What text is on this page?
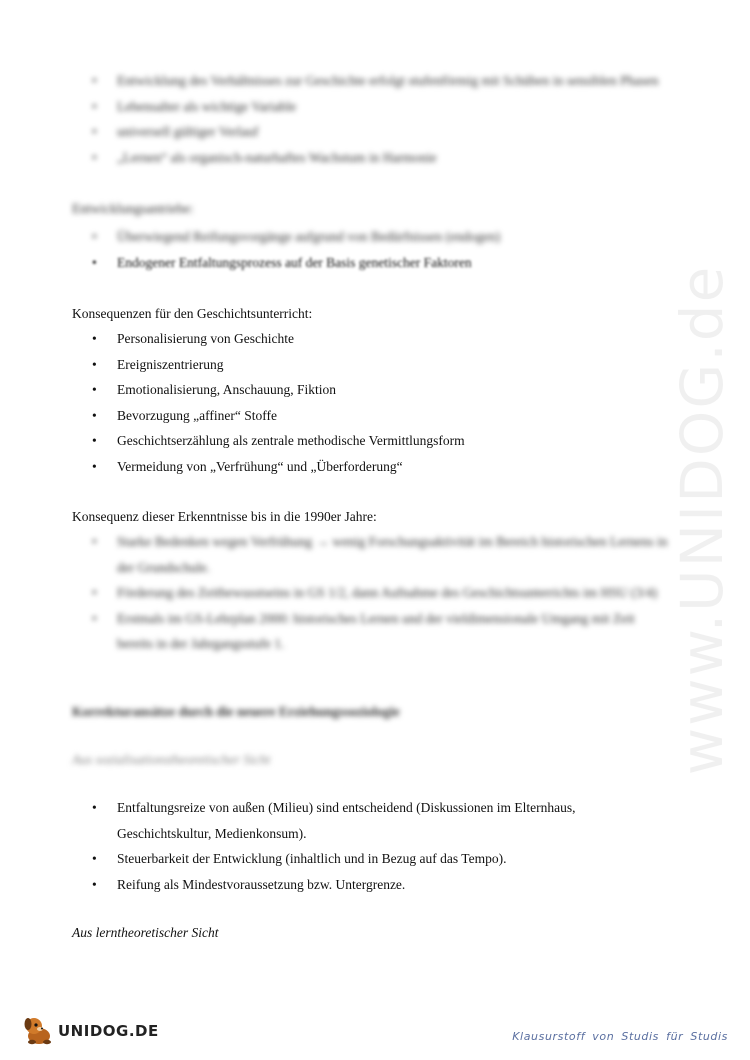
• Entwicklung des Verhältnisses zur Geschichte erfolgt stufenförmig mit Schüben in sensiblen Phasen
• Lebensalter als wichtige Variable
• universell gültiger Verlauf
• „Lernen“ als organisch-naturhaftes Wachstum in Harmonie
Entwicklungsantriebe:
• Überwiegend Reifungsvorgänge aufgrund von Bedürfnissen (endogen)
• Endogener Entfaltungsprozess auf der Basis genetischer Faktoren
Konsequenzen für den Geschichtsunterricht:
• Personalisierung von Geschichte
• Ereigniszentrierung
• Emotionalisierung, Anschauung, Fiktion
• Bevorzugung „affiner“ Stoffe
• Geschichtserzählung als zentrale methodische Vermittlungsform
• Vermeidung von „Verfrühung“ und „Überforderung“
Konsequenz dieser Erkenntnisse bis in die 1990er Jahre:
• Starke Bedenken wegen Verfrühung → wenig Forschungsaktivität im Bereich historischen Lernens in der Grundschule.
• Förderung des Zeitbewusstseins in GS 1/2, dann Aufnahme des Geschichtsunterrichts im HSU (3/4)
• Erstmals im GS-Lehrplan 2000: historisches Lernen und der vieldimensionale Umgang mit Zeit bereits in der Jahrgangsstufe 1.
Korrekturansätze durch die neuere Erziehungssoziologie
Aus sozialisationstheoretischer Sicht
• Entfaltungsreize von außen (Milieu) sind entscheidend (Diskussionen im Elternhaus, Geschichtskultur, Medienkonsum).
• Steuerbarkeit der Entwicklung (inhaltlich und in Bezug auf das Tempo).
• Reifung als Mindestvoraussetzung bzw. Untergrenze.
Aus lerntheoretischer Sicht
www.UNIDOG.de
UNIDOG.DE	Klausurstoff von Studis für Studis
